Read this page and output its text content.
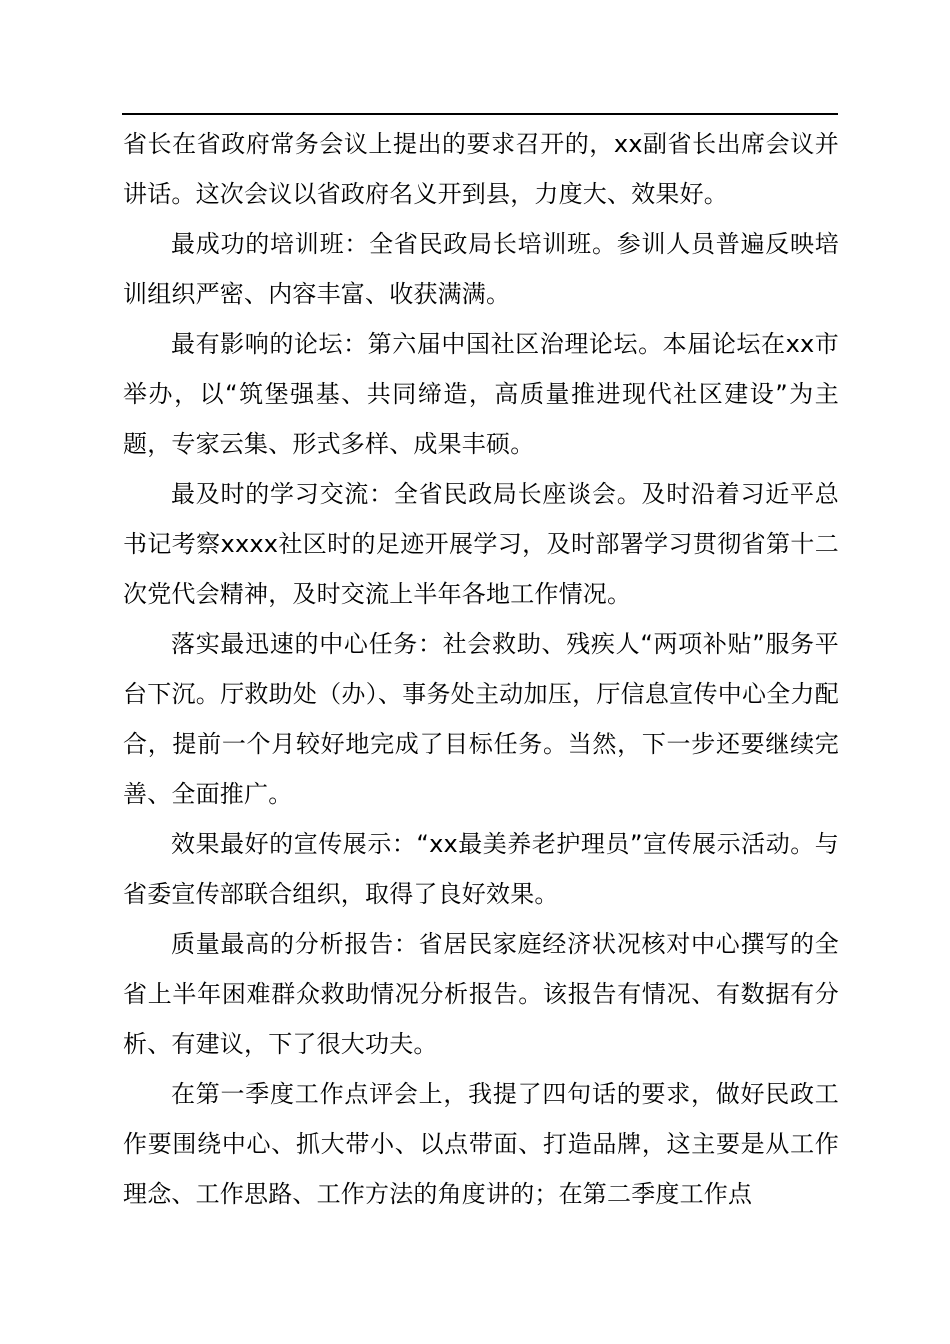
省长在省政府常务会议上提出的要求召开的，xx副省长出席会议并讲话。这次会议以省政府名义开到县，力度大、效果好。

最成功的培训班：全省民政局长培训班。参训人员普遍反映培训组织严密、内容丰富、收获满满。

最有影响的论坛：第六届中国社区治理论坛。本届论坛在xx市举办，以“筑堡强基、共同缔造，高质量推进现代社区建设”为主题，专家云集、形式多样、成果丰硕。

最及时的学习交流：全省民政局长座谈会。及时沿着习近平总书记考察xxxx社区时的足迹开展学习，及时部署学习贯彻省第十二次党代会精神，及时交流上半年各地工作情况。

落实最迅速的中心任务：社会救助、残疾人“两项补贴”服务平台下沉。厅救助处（办）、事务处主动加压，厅信息宣传中心全力配合，提前一个月较好地完成了目标任务。当然，下一步还要继续完善、全面推广。

效果最好的宣传展示：“xx最美养老护理员”宣传展示活动。与省委宣传部联合组织，取得了良好效果。

质量最高的分析报告：省居民家庭经济状况核对中心撰写的全省上半年困难群众救助情况分析报告。该报告有情况、有数据有分析、有建议，下了很大功夫。

在第一季度工作点评会上，我提了四句话的要求，做好民政工作要围绕中心、抓大带小、以点带面、打造品牌，这主要是从工作理念、工作思路、工作方法的角度讲的；在第二季度工作点
